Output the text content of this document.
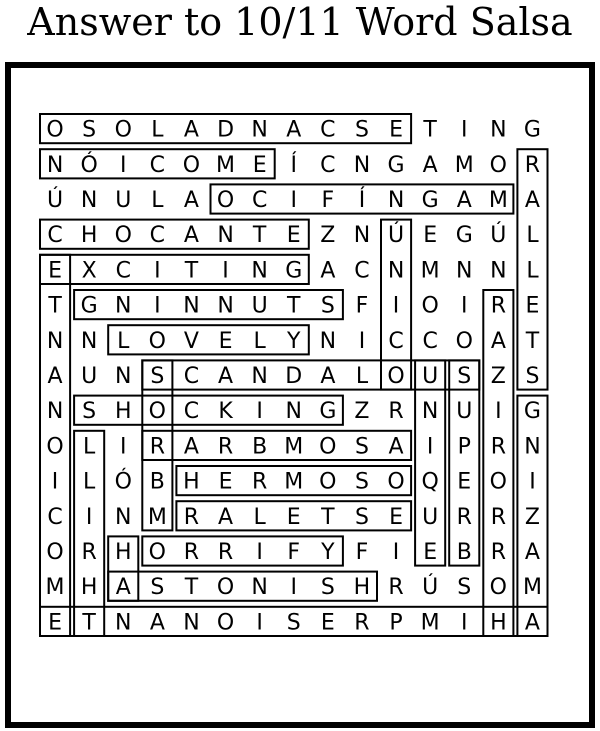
Answer to 10/11 Word Salsa
O S O L A D N A C S E T I N G
N Ó I C O M E Í C N G A M O R
Ú N U L A O C I F Í N G A M A
C H O C A N T E Z N Ú E G Ú L
E X C I T I N G A C N M N N L
T G N I N N U T S F I O I R E
N N L O V E L Y N I C C O A T
A U N S C A N D A L O U S Z S
N S H O C K I N G Z R N U I G
O L I R A R B M O S A I P R N
I L Ó B H E R M O S O Q E O I
C I N M R A L E T S E U R R Z
O R H O R R I F Y F I E B R A
M H A S T O N I S H R Ú S O M
E T N A N O I S E R P M I H A
